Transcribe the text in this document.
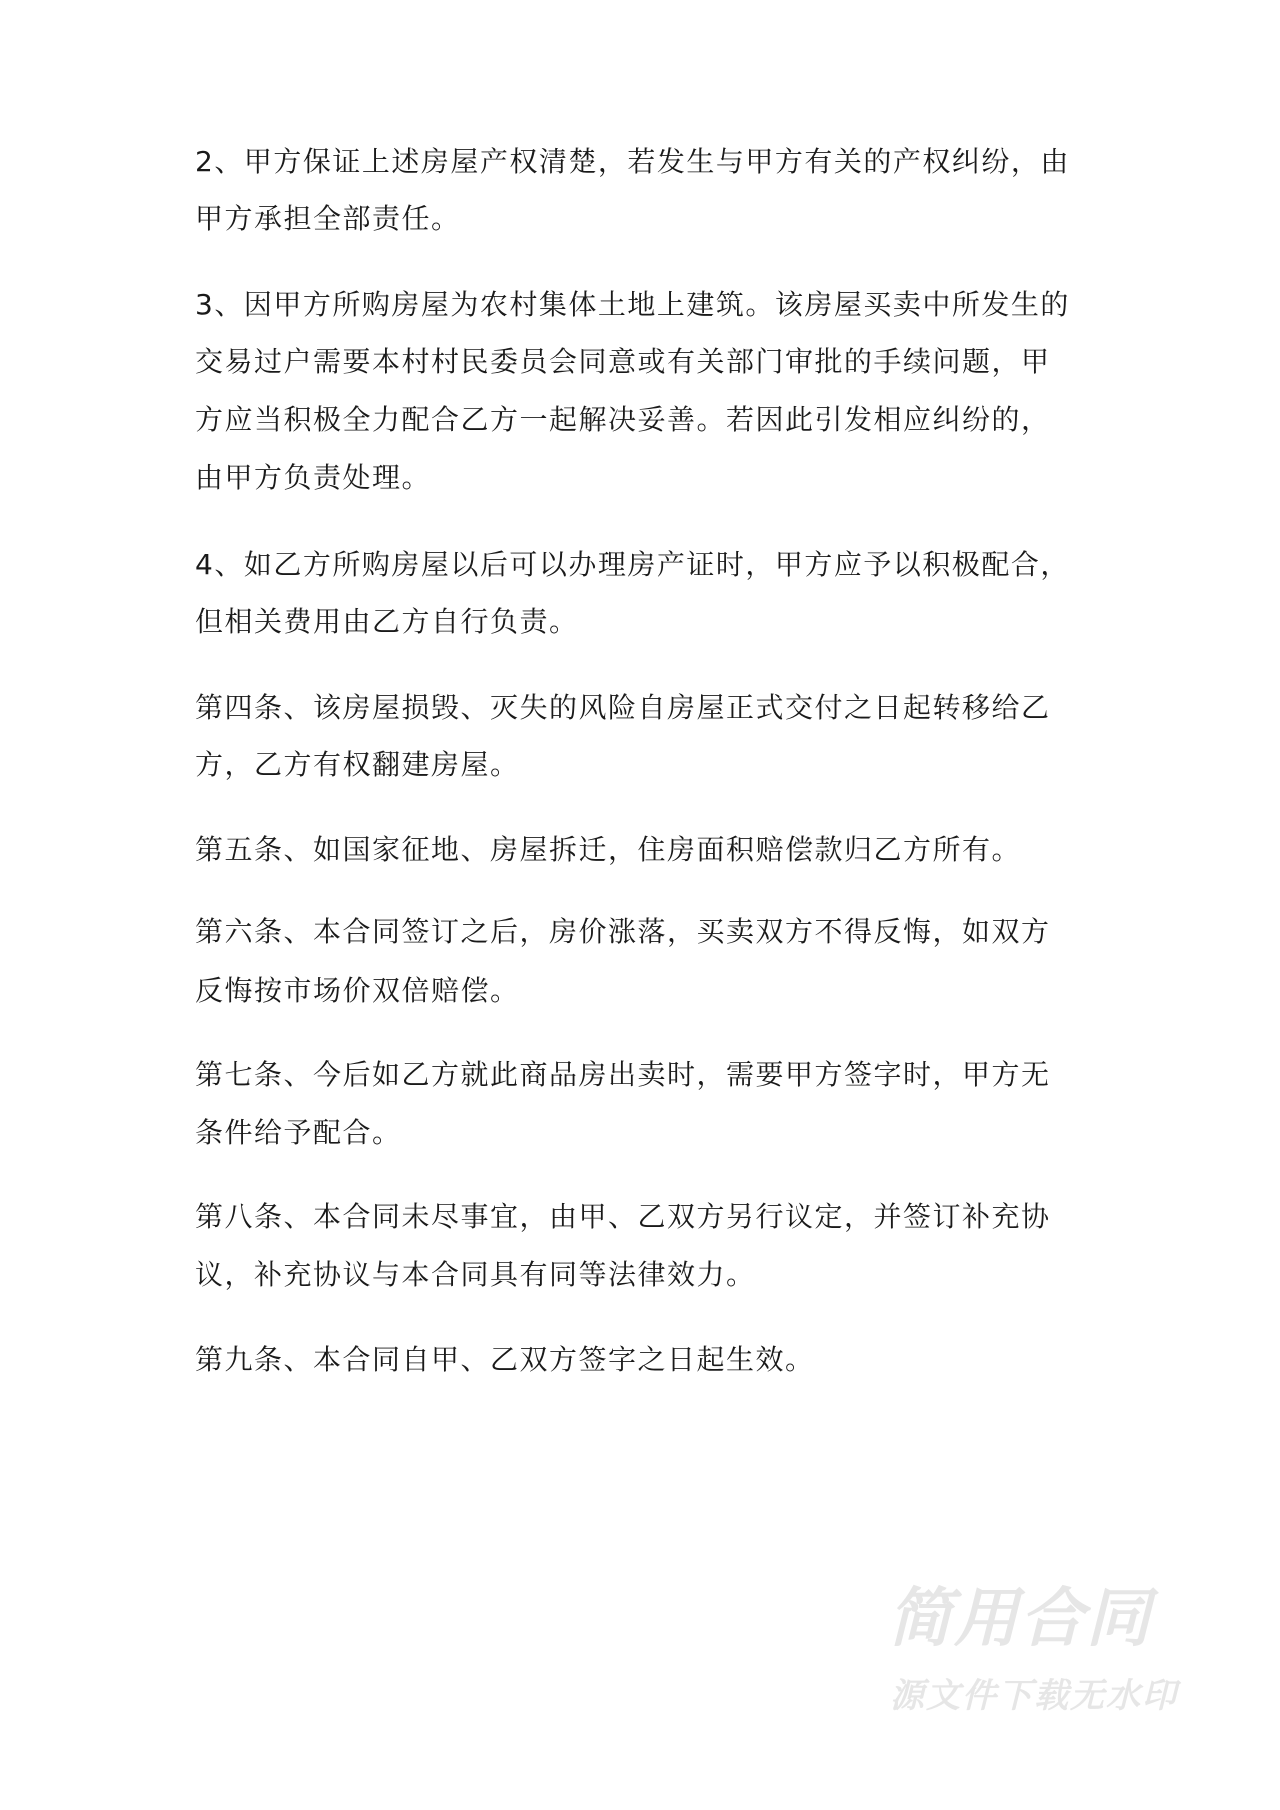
2、甲方保证上述房屋产权清楚，若发生与甲方有关的产权纠纷，由
甲方承担全部责任。
3、因甲方所购房屋为农村集体土地上建筑。该房屋买卖中所发生的
交易过户需要本村村民委员会同意或有关部门审批的手续问题，甲
方应当积极全力配合乙方一起解决妥善。若因此引发相应纠纷的，
由甲方负责处理。
4、如乙方所购房屋以后可以办理房产证时，甲方应予以积极配合，
但相关费用由乙方自行负责。
第四条、该房屋损毁、灭失的风险自房屋正式交付之日起转移给乙
方，乙方有权翻建房屋。
第五条、如国家征地、房屋拆迁，住房面积赔偿款归乙方所有。
第六条、本合同签订之后，房价涨落，买卖双方不得反悔，如双方
反悔按市场价双倍赔偿。
第七条、今后如乙方就此商品房出卖时，需要甲方签字时，甲方无
条件给予配合。
第八条、本合同未尽事宜，由甲、乙双方另行议定，并签订补充协
议，补充协议与本合同具有同等法律效力。
第九条、本合同自甲、乙双方签字之日起生效。
简用合同
源文件下载无水印
